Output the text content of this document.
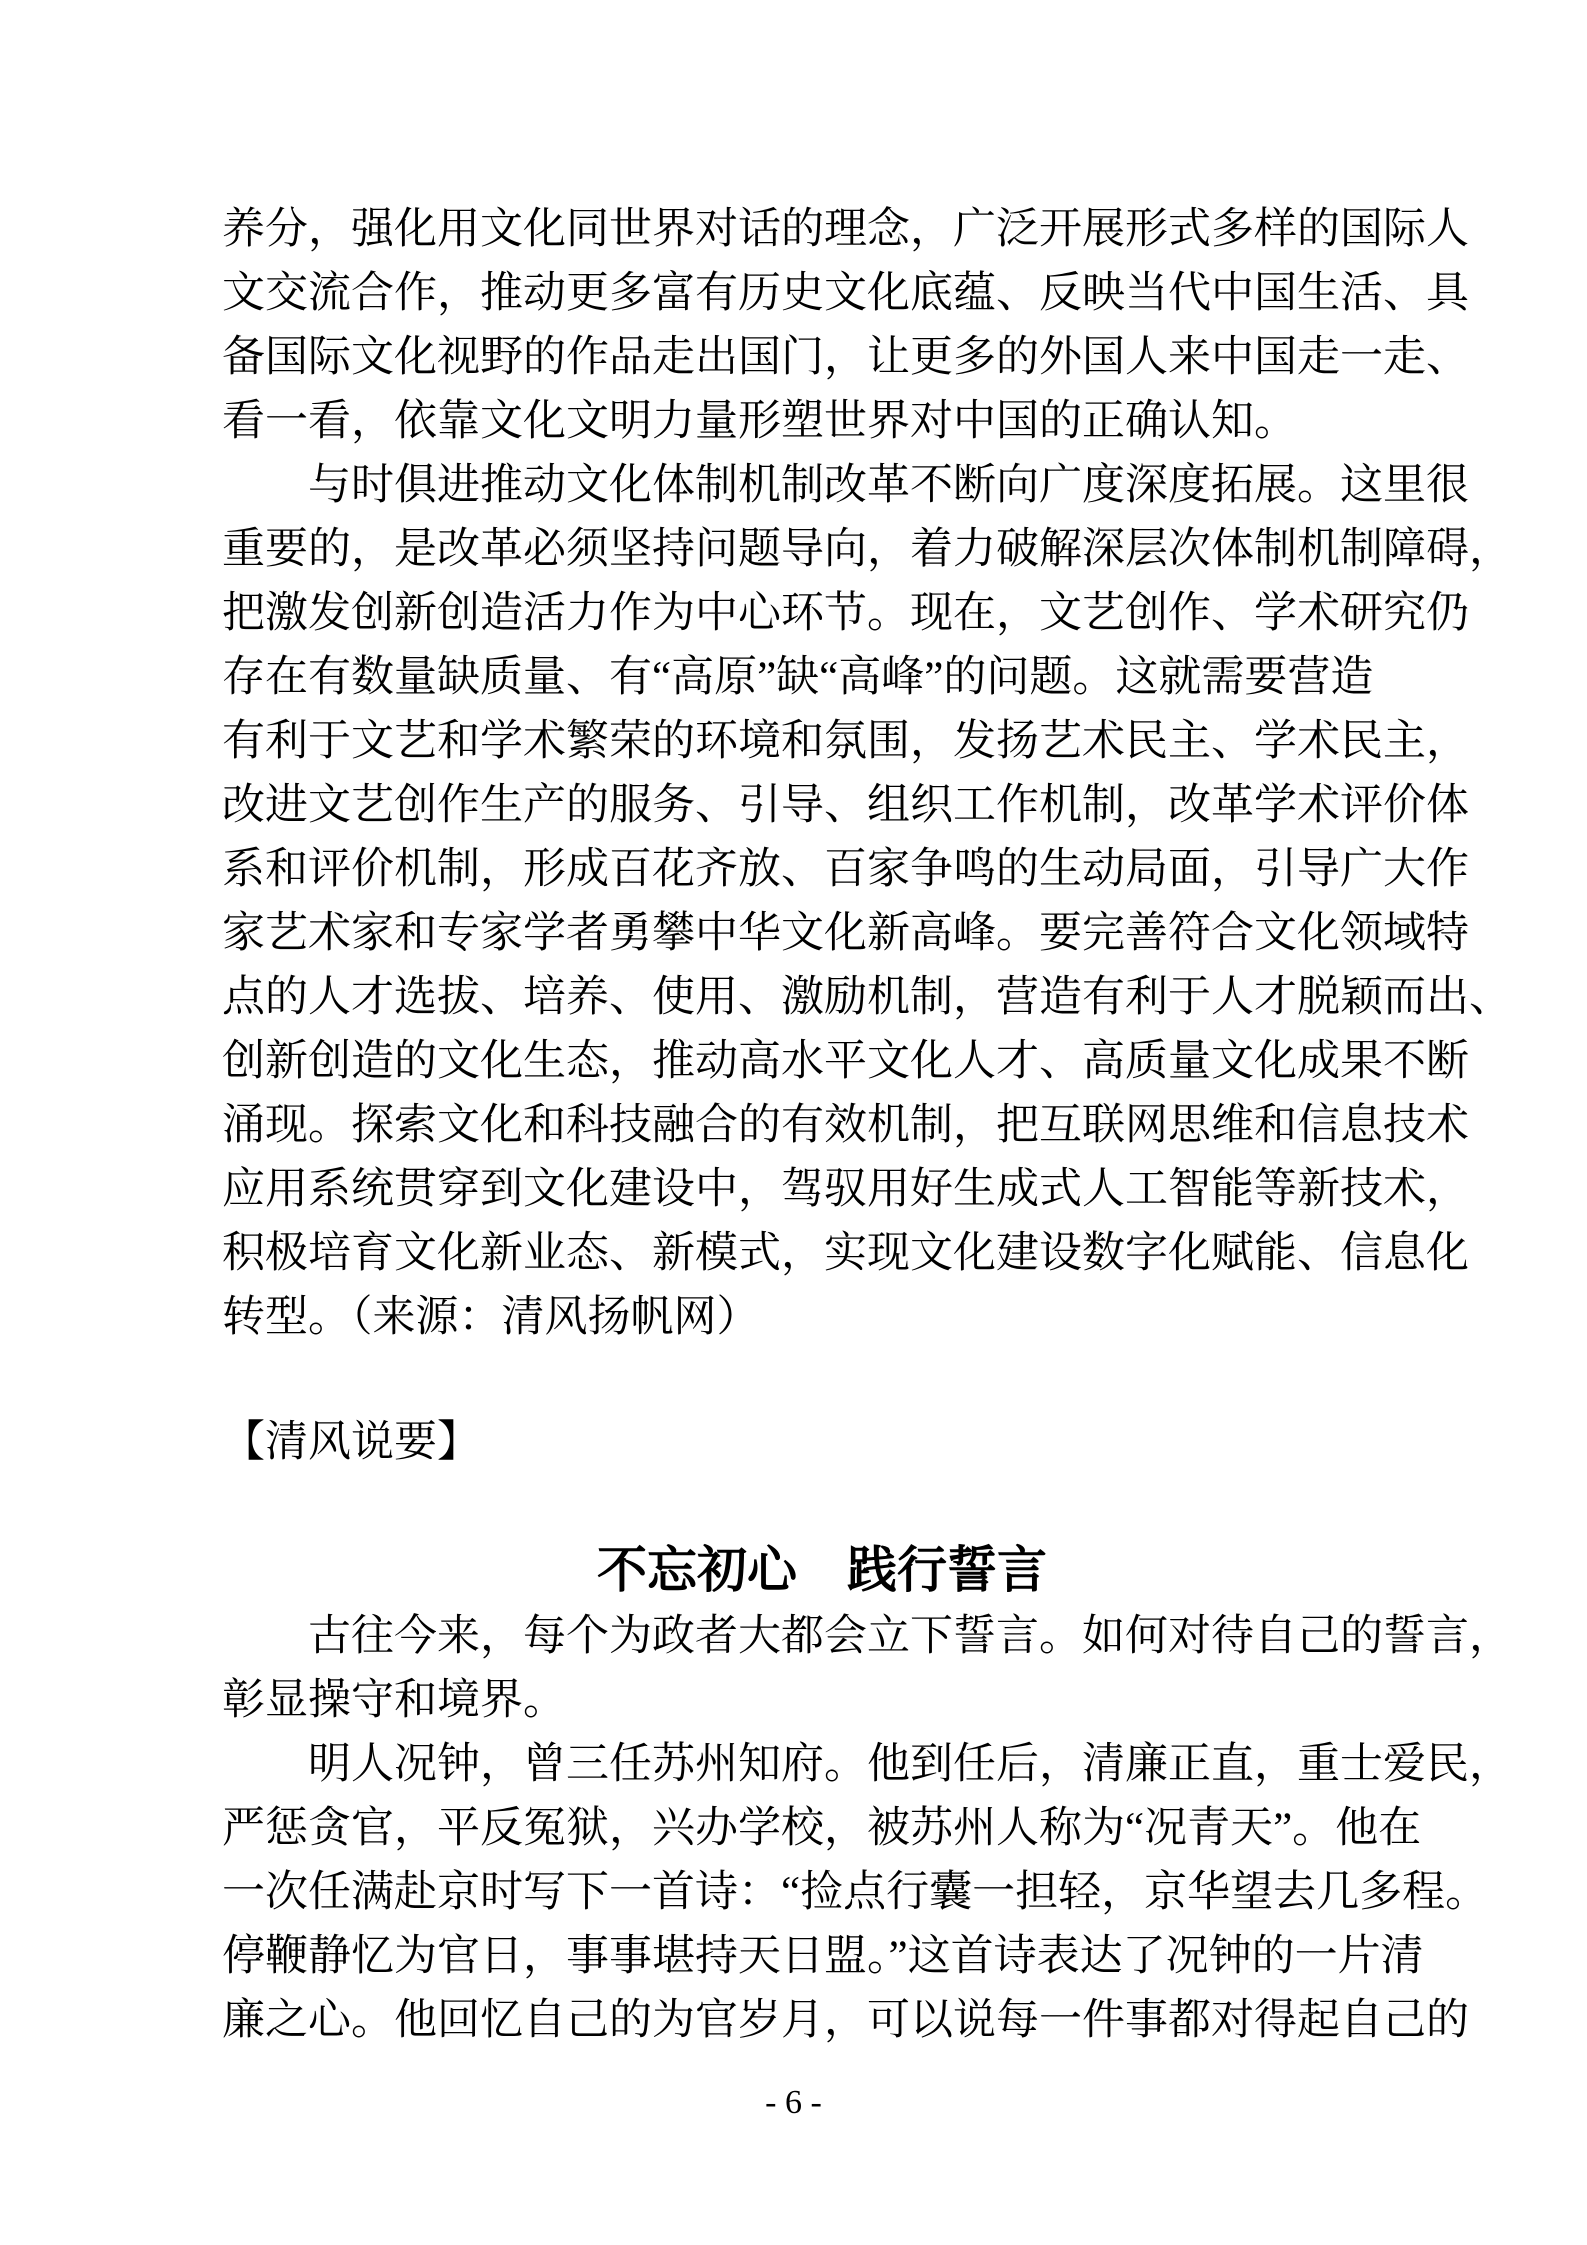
养分，强化用文化同世界对话的理念，广泛开展形式多样的国际人
文交流合作，推动更多富有历史文化底蕴、反映当代中国生活、具
备国际文化视野的作品走出国门，让更多的外国人来中国走一走、
看一看，依靠文化文明力量形塑世界对中国的正确认知。
　　与时俱进推动文化体制机制改革不断向广度深度拓展。这里很
重要的，是改革必须坚持问题导向，着力破解深层次体制机制障碍，
把激发创新创造活力作为中心环节。现在，文艺创作、学术研究仍
存在有数量缺质量、有“高原”缺“高峰”的问题。这就需要营造
有利于文艺和学术繁荣的环境和氛围，发扬艺术民主、学术民主，
改进文艺创作生产的服务、引导、组织工作机制，改革学术评价体
系和评价机制，形成百花齐放、百家争鸣的生动局面，引导广大作
家艺术家和专家学者勇攀中华文化新高峰。要完善符合文化领域特
点的人才选拔、培养、使用、激励机制，营造有利于人才脱颖而出、
创新创造的文化生态，推动高水平文化人才、高质量文化成果不断
涌现。探索文化和科技融合的有效机制，把互联网思维和信息技术
应用系统贯穿到文化建设中，驾驭用好生成式人工智能等新技术，
积极培育文化新业态、新模式，实现文化建设数字化赋能、信息化
转型。（来源：清风扬帆网）
【清风说要】
不忘初心　践行誓言
　　古往今来，每个为政者大都会立下誓言。如何对待自己的誓言，
彰显操守和境界。
　　明人况钟，曾三任苏州知府。他到任后，清廉正直，重士爱民，
严惩贪官，平反冤狱，兴办学校，被苏州人称为“况青天”。他在
一次任满赴京时写下一首诗：“捡点行囊一担轻，京华望去几多程。
停鞭静忆为官日，事事堪持天日盟。”这首诗表达了况钟的一片清
廉之心。他回忆自己的为官岁月，可以说每一件事都对得起自己的
- 6 -
